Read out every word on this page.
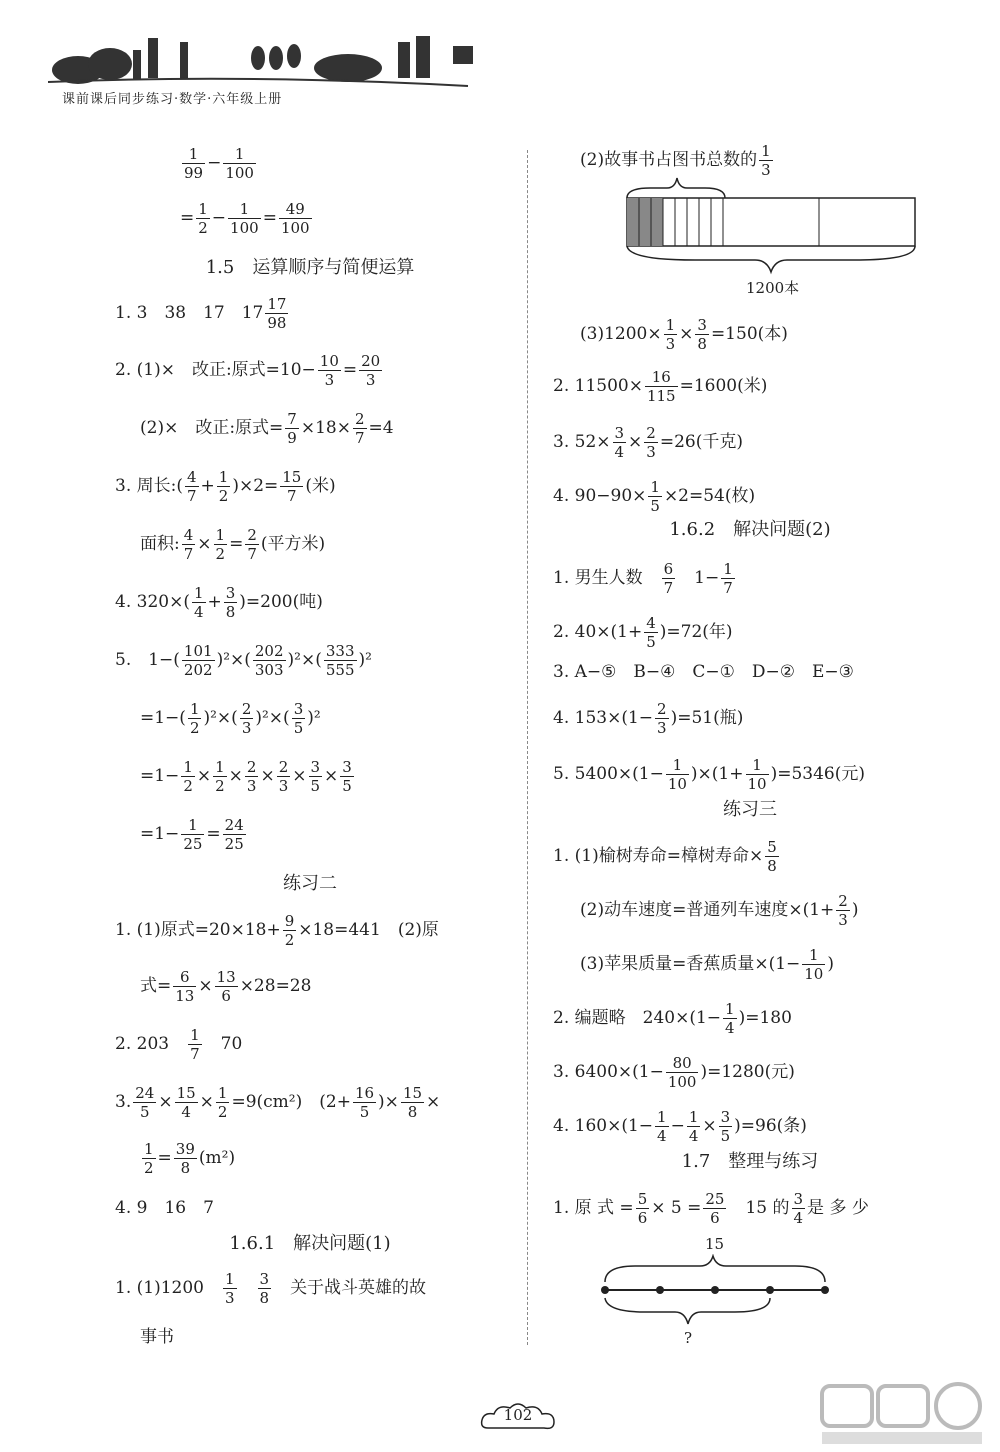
课前课后同步练习·数学·六年级上册
$\frac{1}{99} - \frac{1}{100}$
= $\frac{1}{2} - \frac{1}{100} = \frac{49}{100}$
1.5　运算顺序与简便运算
1. 3　38　17　$17 \frac{17}{98}$
2. (1)×　改正:原式$=10- \frac{10}{3} = \frac{20}{3}$
(2)×　改正:原式= $\frac{7}{9} \times 18\times \frac{2}{7} =4$
3. 周长:( $\frac{4}{7} + \frac{1}{2} )\times 2= \frac{15}{7}$ (米)
面积: $\frac{4}{7} \times \frac{1}{2} = \frac{2}{7}$ (平方米)
4. $320\times( \frac{1}{4} + \frac{3}{8} )=200$(吨)
5.　$1-( \frac{101}{202} )^2\times( \frac{202}{303} )^2\times( \frac{333}{555} )^2$
$=1-( \frac{1}{2} )^2\times( \frac{2}{3} )^2\times( \frac{3}{5} )^2$
$=1- \frac{1}{2} \times \frac{1}{2} \times \frac{2}{3} \times \frac{2}{3} \times \frac{3}{5} \times \frac{3}{5}$
$=1- \frac{1}{25} = \frac{24}{25}$
练习二
1. (1)原式$=20\times 18+ \frac{9}{2} \times 18=441$　(2)原
式= $\frac{6}{13} \times \frac{13}{6} \times 28=28$
2. 203　 $\frac{1}{7}$
　 70
3. $\frac{24}{5} \times \frac{15}{4} \times \frac{1}{2} =9(cm^2)$　($2+ \frac{16}{5}$ )× $\frac{15}{8}$ ×
$\frac{1}{2} = \frac{39}{8} (m^2)$
4. 9　16　7
1.6.1　解决问题(1)
1. (1)1200　 $\frac{1}{3}$
　 $\frac{3}{8}$
　 关于战斗英雄的故
事书
(2)故事书占图书总数的 $\frac{1}{3}$
1200本
$(3)1200\times \frac{1}{3} \times \frac{3}{8} =150$(本)
2. $11500\times \frac{16}{115} =1600$(米)
3. $52\times \frac{3}{4} \times \frac{2}{3} =26$(千克)
4. $90-90\times \frac{1}{5} \times 2=54$(枚)
1.6.2　解决问题(2)
1. 男生人数　 $\frac{6}{7}$
　 $1- \frac{1}{7}$
2. $40\times(1+ \frac{4}{5} )=72$(年)
3. A−⑤　B−④　C−①　D−②　E−③
4. $153\times(1- \frac{2}{3} )=51$(瓶)
5. $5400\times(1- \frac{1}{10} )\times(1+ \frac{1}{10} )=5346$(元)
练习三
1. (1)榆树寿命=樟树寿命× $\frac{5}{8}$
(2)动车速度=普通列车速度$\times(1+ \frac{2}{3}$ )
(3)苹果质量=香蕉质量$\times(1- \frac{1}{10}$ )
2. 编题略　$240\times(1- \frac{1}{4} )=180$
3. $6400\times(1- \frac{80}{100} )=1280$(元)
4. $160\times(1- \frac{1}{4} - \frac{1}{4} \times \frac{3}{5} )=96$(条)
1.7　整理与练习
1. 原 式 = $\frac{5}{6} \times 5 = \frac{25}{6}$
　 15 的 $\frac{3}{4}$ 是 多 少
15
?
102
